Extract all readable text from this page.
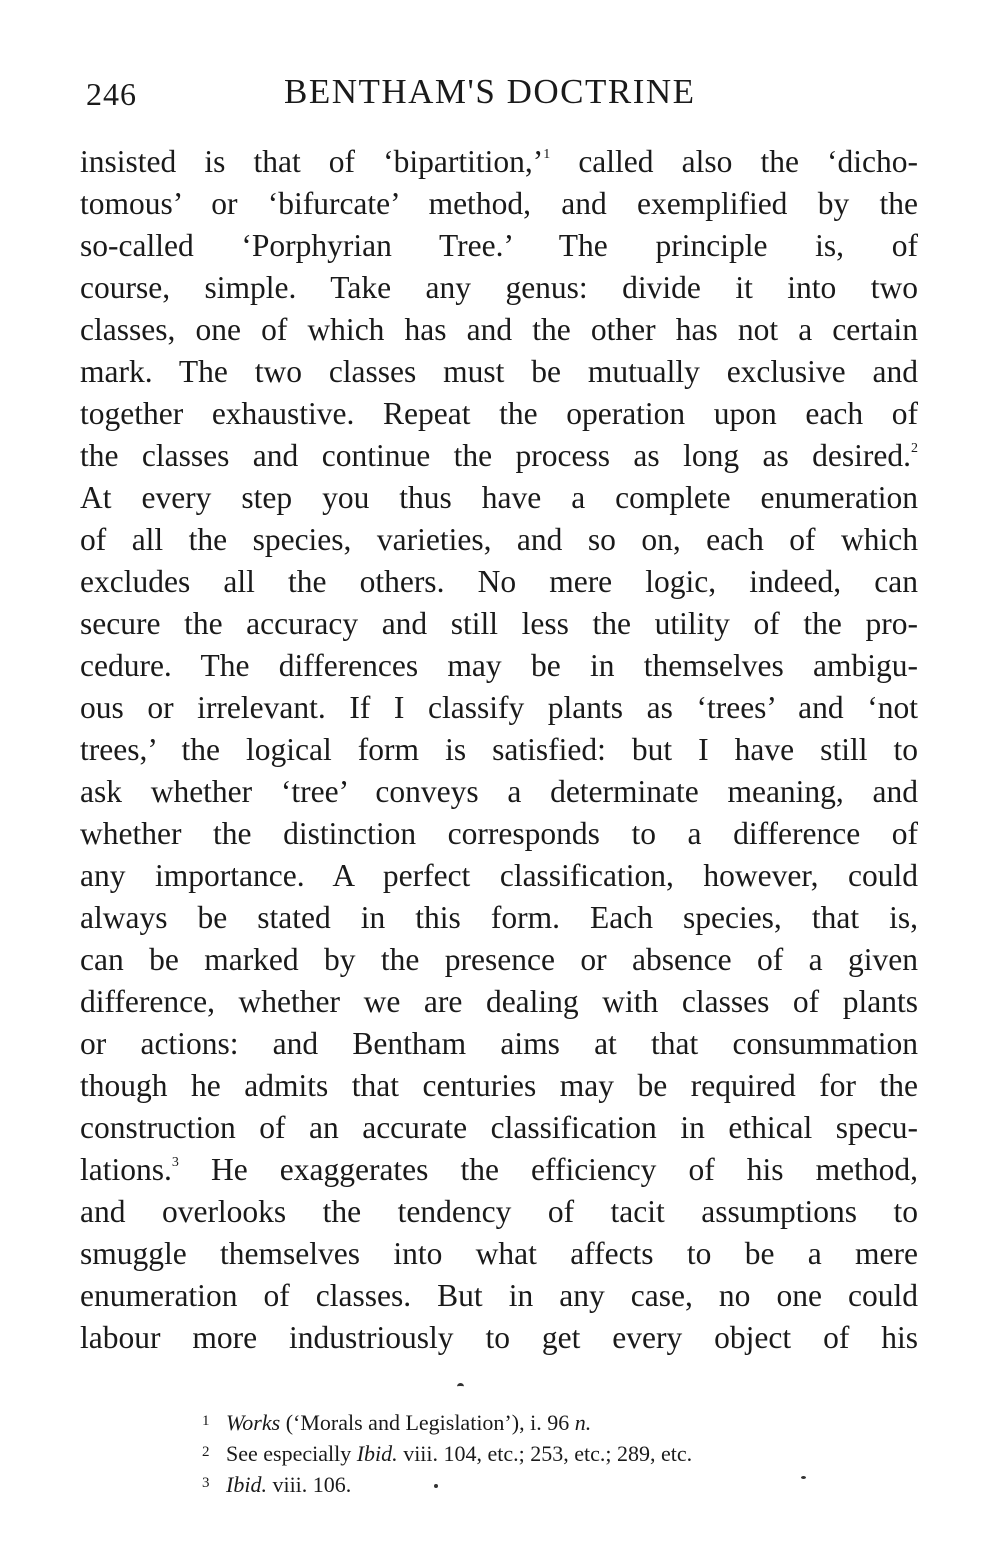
246	BENTHAM'S DOCTRINE
insisted is that of ‘bipartition,’$^1$ called also the ‘dicho-
tomous’ or ‘bifurcate’ method, and exemplified by the
so-called ‘Porphyrian Tree.’ The principle is, of
course, simple. Take any genus: divide it into two
classes, one of which has and the other has not a certain
mark. The two classes must be mutually exclusive and
together exhaustive. Repeat the operation upon each of
the classes and continue the process as long as desired.$^2$
At every step you thus have a complete enumeration
of all the species, varieties, and so on, each of which
excludes all the others. No mere logic, indeed, can
secure the accuracy and still less the utility of the pro-
cedure. The differences may be in themselves ambigu-
ous or irrelevant. If I classify plants as ‘trees’ and ‘not
trees,’ the logical form is satisfied: but I have still to
ask whether ‘tree’ conveys a determinate meaning, and
whether the distinction corresponds to a difference of
any importance. A perfect classification, however, could
always be stated in this form. Each species, that is,
can be marked by the presence or absence of a given
difference, whether we are dealing with classes of plants
or actions: and Bentham aims at that consummation
though he admits that centuries may be required for the
construction of an accurate classification in ethical specu-
lations.$^3$ He exaggerates the efficiency of his method,
and overlooks the tendency of tacit assumptions to
smuggle themselves into what affects to be a mere
enumeration of classes. But in any case, no one could
labour more industriously to get every object of his
1 Works (‘Morals and Legislation’), i. 96 n.
2 See especially Ibid. viii. 104, etc.; 253, etc.; 289, etc.
3 Ibid. viii. 106.
